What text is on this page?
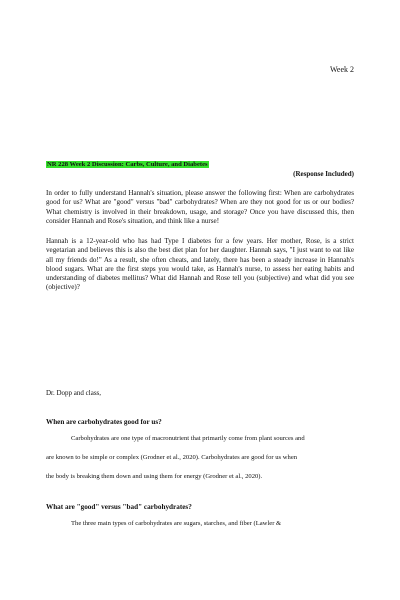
Week 2
NR 228 Week 2 Discussion: Carbs, Culture, and Diabetes
(Response Included)

In order to fully understand Hannah's situation, please answer the following first: When are carbohydrates good for us? What are "good" versus "bad" carbohydrates? When are they not good for us or our bodies? What chemistry is involved in their breakdown, usage, and storage? Once you have discussed this, then consider Hannah and Rose's situation, and think like a nurse!

Hannah is a 12-year-old who has had Type I diabetes for a few years. Her mother, Rose, is a strict vegetarian and believes this is also the best diet plan for her daughter. Hannah says, "I just want to eat like all my friends do!" As a result, she often cheats, and lately, there has been a steady increase in Hannah's blood sugars. What are the first steps you would take, as Hannah's nurse, to assess her eating habits and understanding of diabetes mellitus? What did Hannah and Rose tell you (subjective) and what did you see (objective)?

Dr. Dopp and class,

When are carbohydrates good for us?

Carbohydrates are one type of macronutrient that primarily come from plant sources and

are known to be simple or complex (Grodner et al., 2020). Carbohydrates are good for us when

the body is breaking them down and using them for energy (Grodner et al., 2020).

What are "good" versus "bad" carbohydrates?

The three main types of carbohydrates are sugars, starches, and fiber (Lawler &
